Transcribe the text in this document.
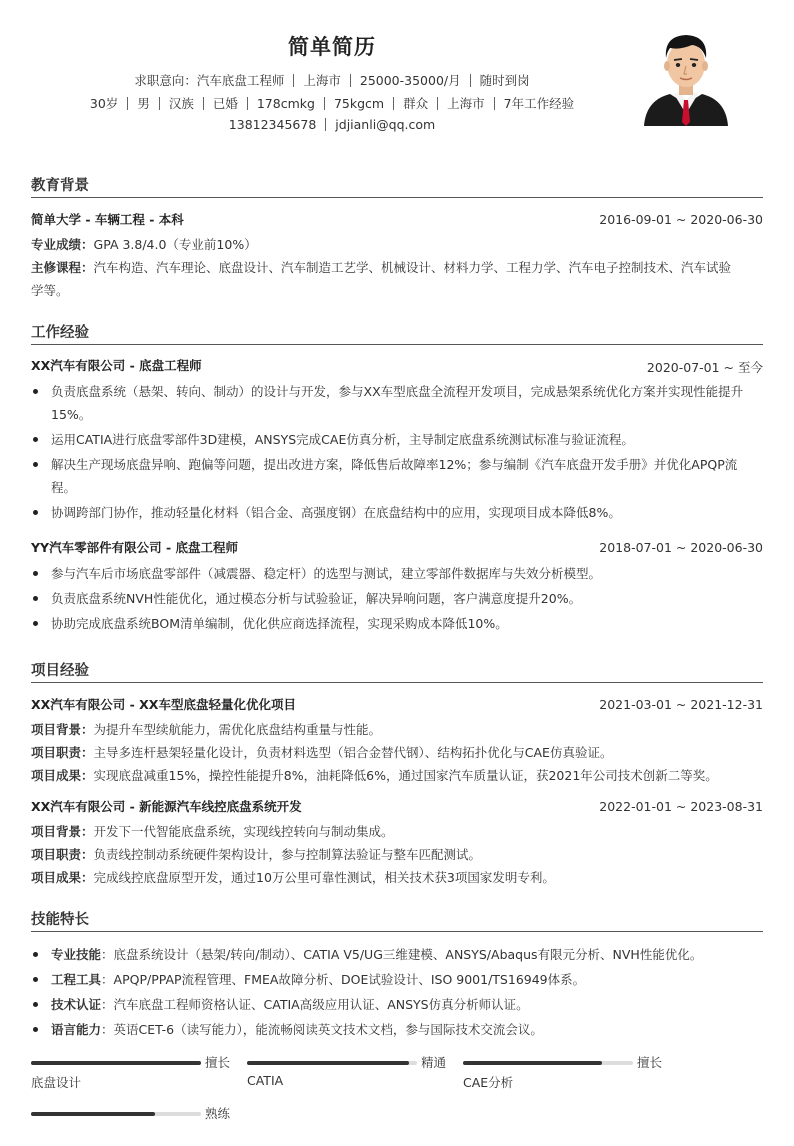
简单简历
求职意向：汽车底盘工程师 上海市 25000-35000/月 随时到岗
30岁 男 汉族 已婚 178cmkg 75kgcm 群众 上海市 7年工作经验
13812345678 jdjianli@qq.com
教育背景
简单大学 - 车辆工程 - 本科	2016-09-01 ~ 2020-06-30
专业成绩：GPA 3.8/4.0（专业前10%）
主修课程：汽车构造、汽车理论、底盘设计、汽车制造工艺学、机械设计、材料力学、工程力学、汽车电子控制技术、汽车试验
学等。
工作经验
XX汽车有限公司 - 底盘工程师	2020-07-01 ~ 至今
负责底盘系统（悬架、转向、制动）的设计与开发，参与XX车型底盘全流程开发项目，完成悬架系统优化方案并实现性能提升
15%。
运用CATIA进行底盘零部件3D建模，ANSYS完成CAE仿真分析，主导制定底盘系统测试标准与验证流程。
解决生产现场底盘异响、跑偏等问题，提出改进方案，降低售后故障率12%；参与编制《汽车底盘开发手册》并优化APQP流
程。
协调跨部门协作，推动轻量化材料（铝合金、高强度钢）在底盘结构中的应用，实现项目成本降低8%。
YY汽车零部件有限公司 - 底盘工程师	2018-07-01 ~ 2020-06-30
参与汽车后市场底盘零部件（减震器、稳定杆）的选型与测试，建立零部件数据库与失效分析模型。
负责底盘系统NVH性能优化，通过模态分析与试验验证，解决异响问题，客户满意度提升20%。
协助完成底盘系统BOM清单编制，优化供应商选择流程，实现采购成本降低10%。
项目经验
XX汽车有限公司 - XX车型底盘轻量化优化项目	2021-03-01 ~ 2021-12-31
项目背景：为提升车型续航能力，需优化底盘结构重量与性能。
项目职责：主导多连杆悬架轻量化设计，负责材料选型（铝合金替代钢）、结构拓扑优化与CAE仿真验证。
项目成果：实现底盘减重15%，操控性能提升8%，油耗降低6%，通过国家汽车质量认证，获2021年公司技术创新二等奖。
XX汽车有限公司 - 新能源汽车线控底盘系统开发	2022-01-01 ~ 2023-08-31
项目背景：开发下一代智能底盘系统，实现线控转向与制动集成。
项目职责：负责线控制动系统硬件架构设计，参与控制算法验证与整车匹配测试。
项目成果：完成线控底盘原型开发，通过10万公里可靠性测试，相关技术获3项国家发明专利。
技能特长
专业技能：底盘系统设计（悬架/转向/制动）、CATIA V5/UG三维建模、ANSYS/Abaqus有限元分析、NVH性能优化。
工程工具：APQP/PPAP流程管理、FMEA故障分析、DOE试验设计、ISO 9001/TS16949体系。
技术认证：汽车底盘工程师资格认证、CATIA高级应用认证、ANSYS仿真分析师认证。
语言能力：英语CET-6（读写能力），能流畅阅读英文技术文档，参与国际技术交流会议。
擅长
底盘设计
精通
CATIA
擅长
CAE分析
熟练
